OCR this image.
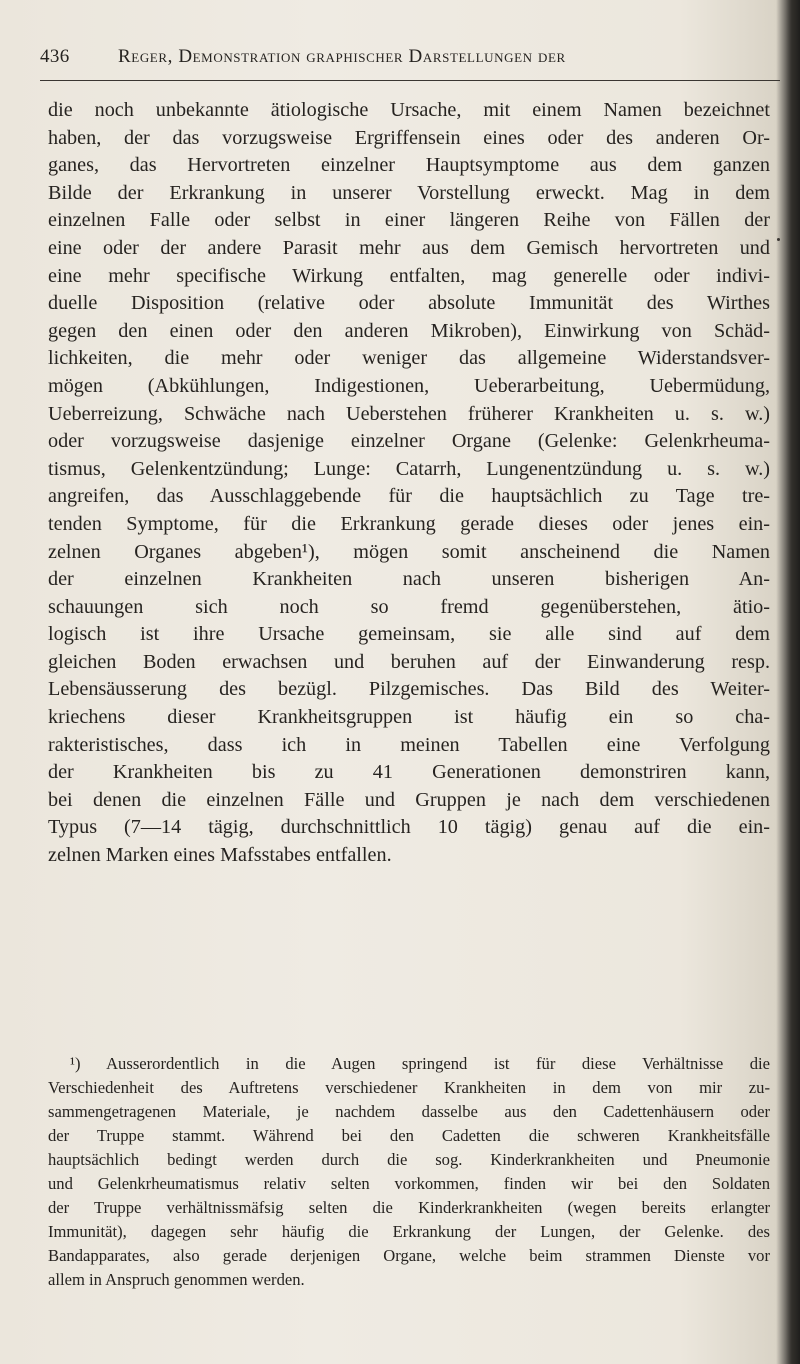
436	Reger, Demonstration graphischer Darstellungen der
die noch unbekannte ätiologische Ursache, mit einem Namen bezeichnet
haben, der das vorzugsweise Ergriffensein eines oder des anderen Or-
ganes, das Hervortreten einzelner Hauptsymptome aus dem ganzen
Bilde der Erkrankung in unserer Vorstellung erweckt. Mag in dem
einzelnen Falle oder selbst in einer längeren Reihe von Fällen der
eine oder der andere Parasit mehr aus dem Gemisch hervortreten und
eine mehr specifische Wirkung entfalten, mag generelle oder indivi-
duelle Disposition (relative oder absolute Immunität des Wirthes
gegen den einen oder den anderen Mikroben), Einwirkung von Schäd-
lichkeiten, die mehr oder weniger das allgemeine Widerstandsver-
mögen (Abkühlungen, Indigestionen, Ueberarbeitung, Uebermüdung,
Ueberreizung, Schwäche nach Ueberstehen früherer Krankheiten u. s. w.)
oder vorzugsweise dasjenige einzelner Organe (Gelenke: Gelenkrheuma-
tismus, Gelenkentzündung; Lunge: Catarrh, Lungenentzündung u. s. w.)
angreifen, das Ausschlaggebende für die hauptsächlich zu Tage tre-
tenden Symptome, für die Erkrankung gerade dieses oder jenes ein-
zelnen Organes abgeben¹), mögen somit anscheinend die Namen
der einzelnen Krankheiten nach unseren bisherigen An-
schauungen sich noch so fremd gegenüberstehen, ätio-
logisch ist ihre Ursache gemeinsam, sie alle sind auf dem
gleichen Boden erwachsen und beruhen auf der Einwanderung resp.
Lebensäusserung des bezügl. Pilzgemisches. Das Bild des Weiter-
kriechens dieser Krankheitsgruppen ist häufig ein so cha-
rakteristisches, dass ich in meinen Tabellen eine Verfolgung
der Krankheiten bis zu 41 Generationen demonstriren kann,
bei denen die einzelnen Fälle und Gruppen je nach dem verschiedenen
Typus (7—14 tägig, durchschnittlich 10 tägig) genau auf die ein-
zelnen Marken eines Mafsstabes entfallen.
¹) Ausserordentlich in die Augen springend ist für diese Verhältnisse die
Verschiedenheit des Auftretens verschiedener Krankheiten in dem von mir zu-
sammengetragenen Materiale, je nachdem dasselbe aus den Cadettenhäusern oder
der Truppe stammt. Während bei den Cadetten die schweren Krankheitsfälle
hauptsächlich bedingt werden durch die sog. Kinderkrankheiten und Pneumonie
und Gelenkrheumatismus relativ selten vorkommen, finden wir bei den Soldaten
der Truppe verhältnissmäfsig selten die Kinderkrankheiten (wegen bereits erlangter
Immunität), dagegen sehr häufig die Erkrankung der Lungen, der Gelenke. des
Bandapparates, also gerade derjenigen Organe, welche beim strammen Dienste vor
allem in Anspruch genommen werden.
